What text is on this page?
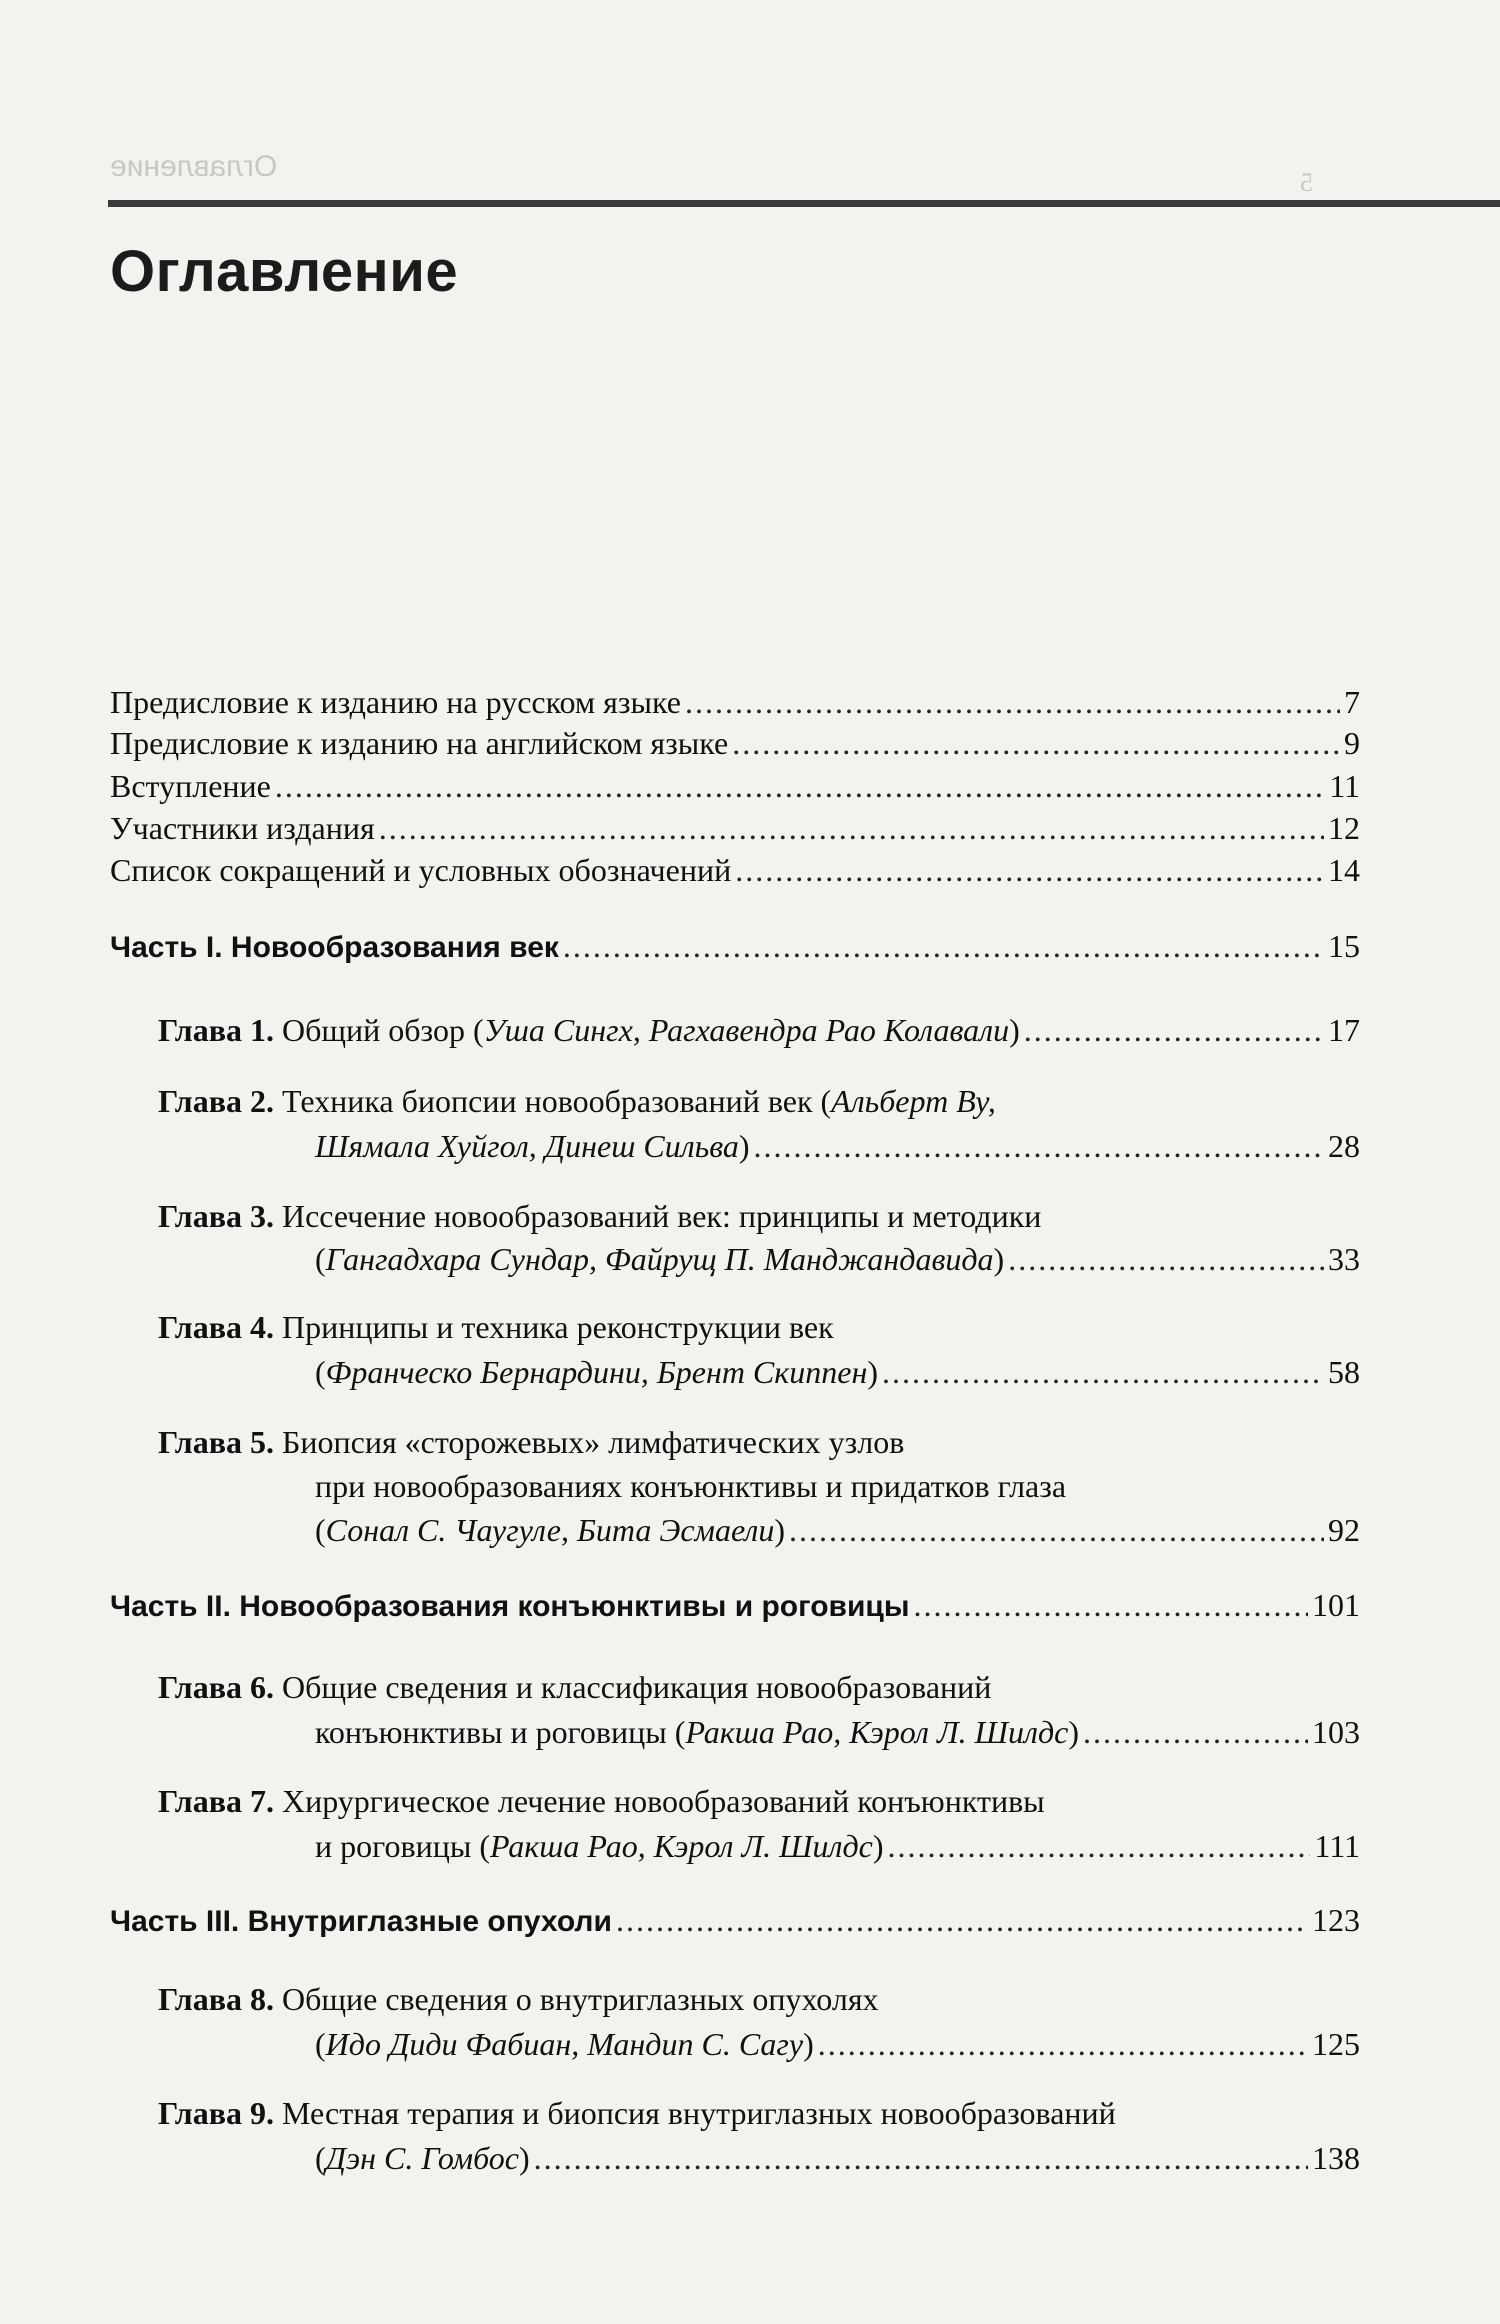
Оглавление
Оглавление
Предисловие к изданию на русском языке .....	7
Предисловие к изданию на английском языке .....	9
Вступление .....	11
Участники издания .....	12
Список сокращений и условных обозначений .....	14
Часть I. Новообразования век .....	15
Глава 1. Общий обзор (Уша Сингх, Рагхавендра Рао Колавали) .....	17
Глава 2. Техника биопсии новообразований век (Альберт Ву,
Шямала Хуйгол, Динеш Сильва) .....	28
Глава 3. Иссечение новообразований век: принципы и методики
(Гангадхара Сундар, Файрущ П. Манджандавида) .....	33
Глава 4. Принципы и техника реконструкции век
(Франческо Бернардини, Брент Скиппен) .....	58
Глава 5. Биопсия «сторожевых» лимфатических узлов
при новообразованиях конъюнктивы и придатков глаза
(Сонал С. Чаугуле, Бита Эсмаели) .....	92
Часть II. Новообразования конъюнктивы и роговицы .....	101
Глава 6. Общие сведения и классификация новообразований
конъюнктивы и роговицы (Ракша Рао, Кэрол Л. Шилдс) .....	103
Глава 7. Хирургическое лечение новообразований конъюнктивы
и роговицы (Ракша Рао, Кэрол Л. Шилдс) .....	111
Часть III. Внутриглазные опухоли .....	123
Глава 8. Общие сведения о внутриглазных опухолях
(Идо Диди Фабиан, Мандип С. Сагу) .....	125
Глава 9. Местная терапия и биопсия внутриглазных новообразований
(Дэн С. Гомбос) .....	138
5
